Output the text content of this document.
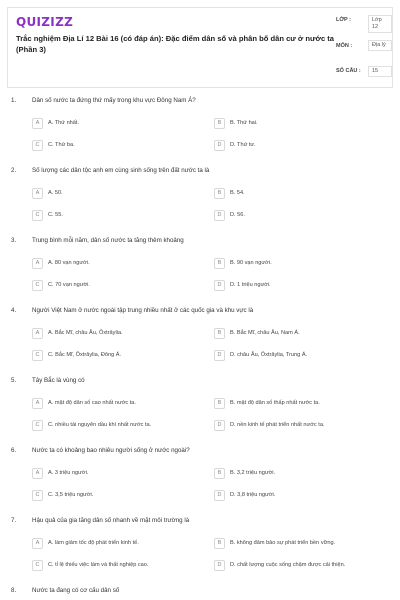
QUIZIZZ
Trắc nghiệm Địa Lí 12 Bài 16 (có đáp án): Đặc điểm dân số và phân bố dân cư ở nước ta (Phần 3)
LỚP :	Lớp 12
MÔN :	Địa lý
SỐ CÂU :	15
1.	Dân số nước ta đứng thứ mấy trong khu vực Đông Nam Á?
A	A. Thứ nhất.	B	B. Thứ hai.
C	C. Thứ ba.	D	D. Thứ tư.
2.	Số lượng các dân tộc anh em cùng sinh sống trên đất nước ta là
A	A. 50.	B	B. 54.
C	C. 55.	D	D. 56.
3.	Trung bình mỗi năm, dân số nước ta tăng thêm khoảng
A	A. 80 vạn người.	B	B. 90 vạn người.
C	C. 70 vạn người.	D	D. 1 triệu người.
4.	Người Việt Nam ở nước ngoài tập trung nhiều nhất ở các quốc gia và khu vực là
A	A. Bắc Mĩ, châu Âu, Ôxtrâylia.	B	B. Bắc Mĩ, châu Âu, Nam Á.
C	C. Bắc Mĩ, Ôxtrâylia, Đông Á.	D	D. châu Âu, Ôxtrâylia, Trung Á.
5.	Tây Bắc là vùng có
A	A. mật độ dân số cao nhất nước ta.	B	B. mật độ dân số thấp nhất nước ta.
C	C. nhiều tài nguyên dầu khí nhất nước ta.	D	D. nền kinh tế phát triển nhất nước ta.
6.	Nước ta có khoảng bao nhiêu người sống ở nước ngoài?
A	A. 3 triệu người.	B	B. 3,2 triệu người.
C	C. 3,5 triệu người.	D	D. 3,8 triệu người.
7.	Hậu quả của gia tăng dân số nhanh về mặt môi trường là
A	A. làm giảm tốc độ phát triển kinh tế.	B	B. không đảm bảo sự phát triển bền vững.
C	C. tỉ lệ thiếu việc làm và thất nghiệp cao.	D	D. chất lượng cuộc sống chậm được cải thiện.
8.	Nước ta đang có cơ cấu dân số
